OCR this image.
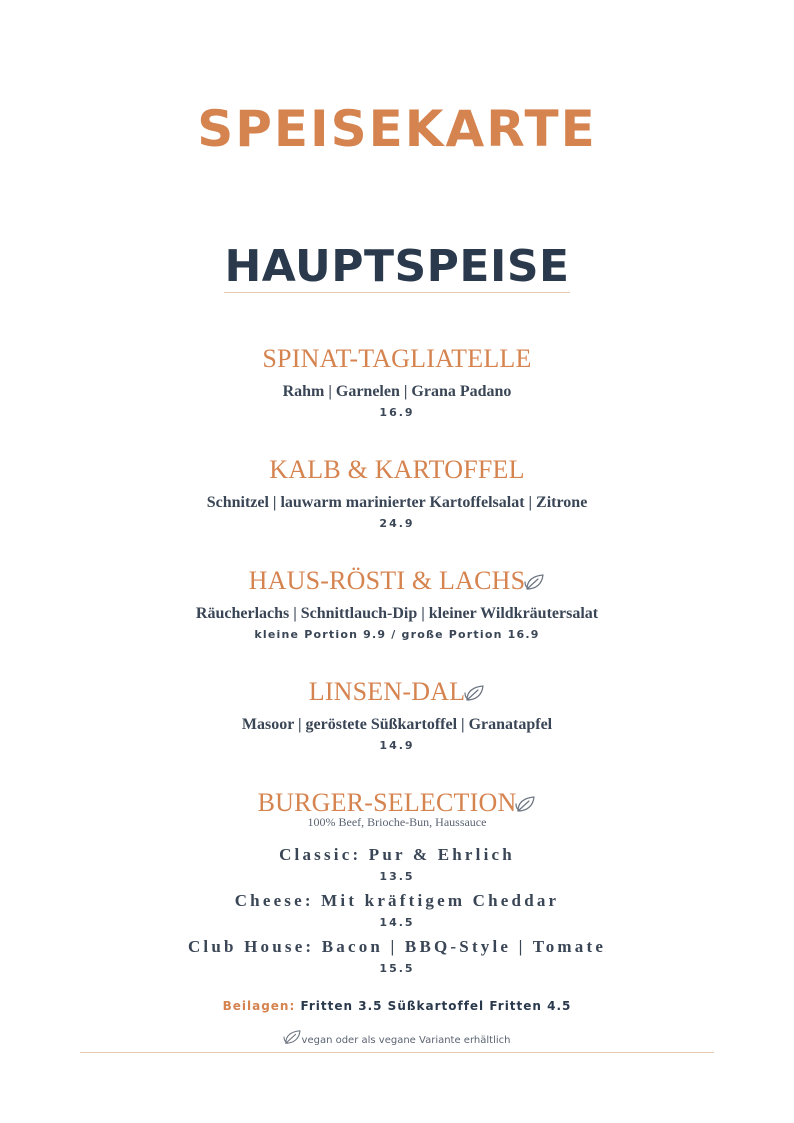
SPEISEKARTE
HAUPTSPEISE
SPINAT-TAGLIATELLE
Rahm | Garnelen | Grana Padano
16.9
KALB & KARTOFFEL
Schnitzel | lauwarm marinierter Kartoffelsalat | Zitrone
24.9
HAUS-RÖSTI & LACHS
Räucherlachs | Schnittlauch-Dip | kleiner Wildkräutersalat
kleine Portion 9.9 / große Portion 16.9
LINSEN-DAL
Masoor | geröstete Süßkartoffel | Granatapfel
14.9
BURGER-SELECTION
100% Beef, Brioche-Bun, Haussauce
Classic: Pur & Ehrlich
13.5
Cheese: Mit kräftigem Cheddar
14.5
Club House: Bacon | BBQ-Style | Tomate
15.5
Beilagen: Fritten 3.5 Süßkartoffel Fritten 4.5
vegan oder als vegane Variante erhältlich
